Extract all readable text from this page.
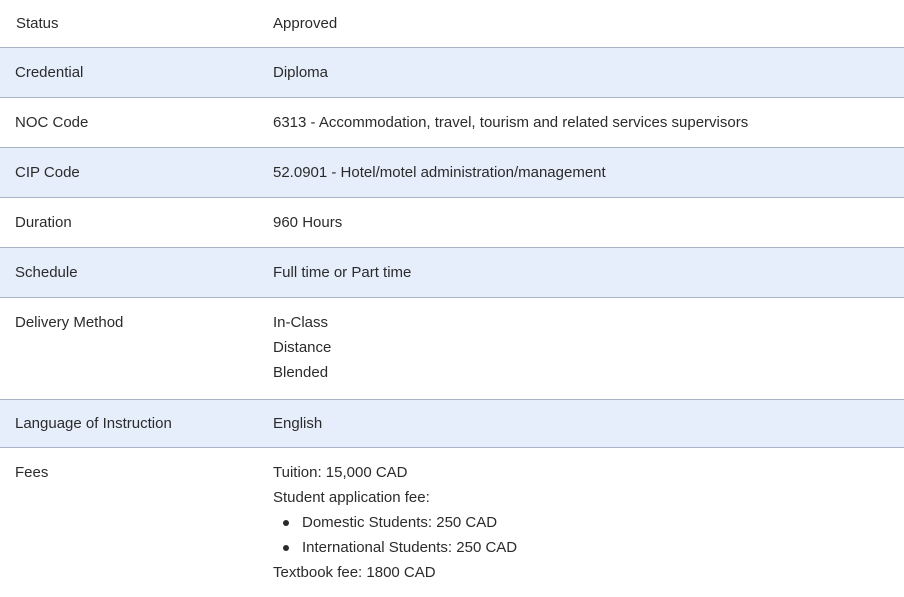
Status	Approved
Credential	Diploma
NOC Code	6313 - Accommodation, travel, tourism and related services supervisors
CIP Code	52.0901 - Hotel/motel administration/management
Duration	960 Hours
Schedule	Full time or Part time
Delivery Method	In-Class
Distance
Blended
Language of Instruction	English
Fees	Tuition: 15,000 CAD
Student application fee:
Domestic Students: 250 CAD
International Students: 250 CAD
Textbook fee: 1800 CAD
